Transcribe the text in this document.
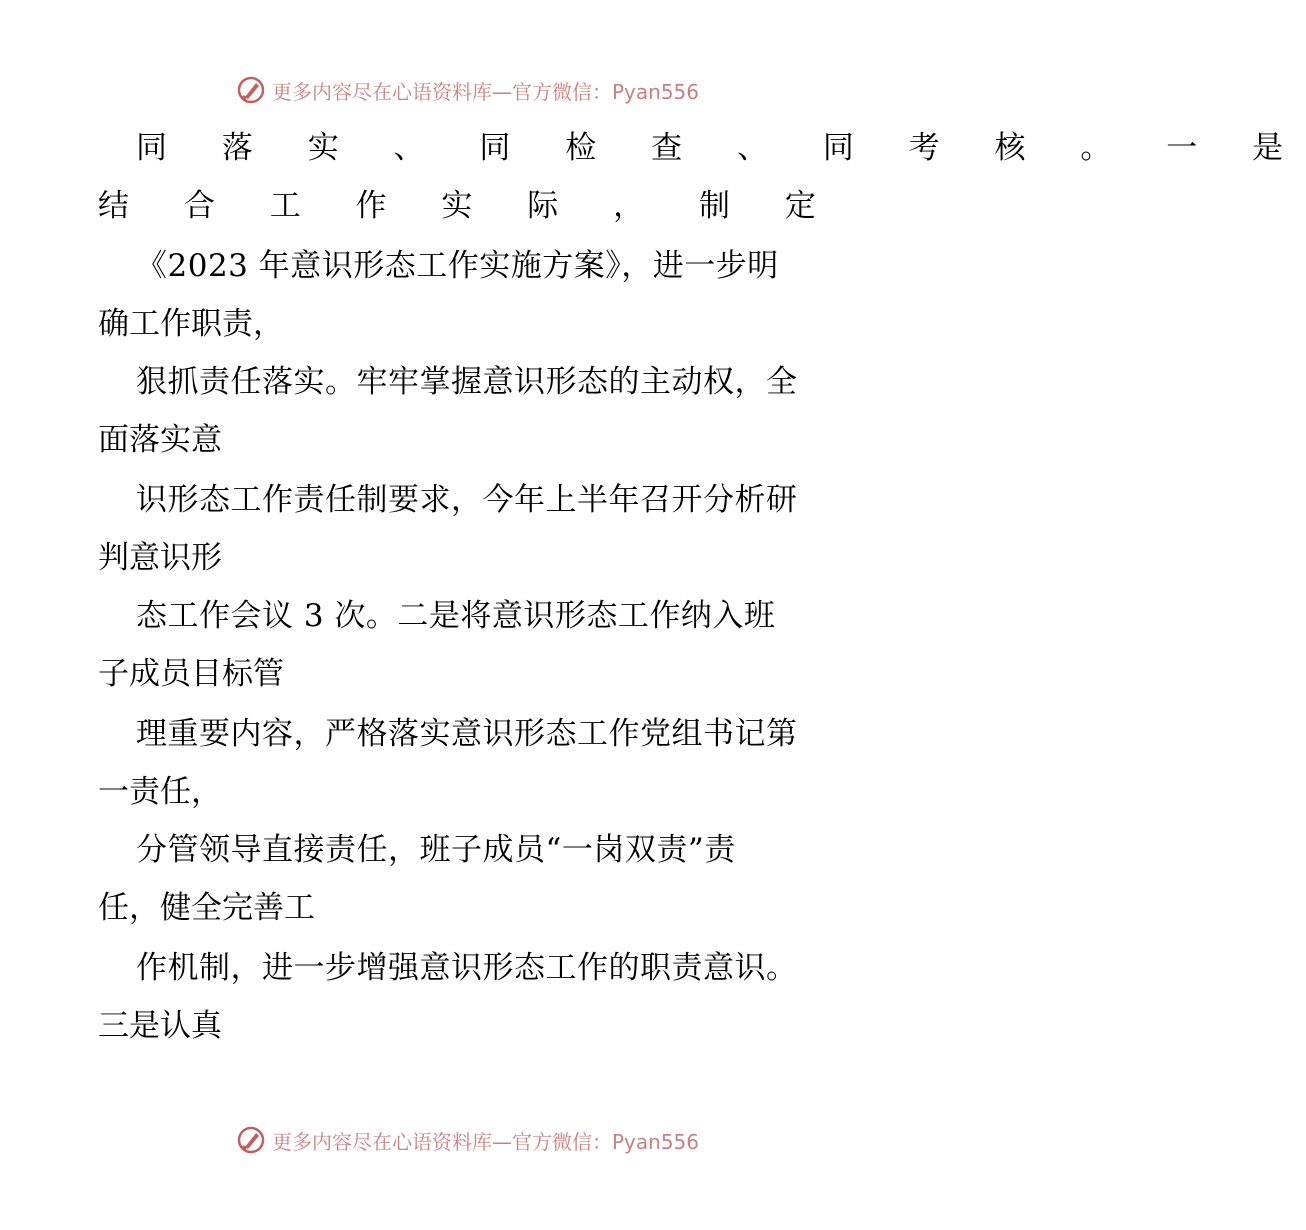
更多内容尽在心语资料库—官方微信：Pyan556
同 落 实 、 同 检 查 、 同 考 核 。 一 是
结 合 工 作 实 际 ， 制 定
《2023 年意识形态工作实施方案》，进一步明
确工作职责，
狠抓责任落实。牢牢掌握意识形态的主动权，全
面落实意
识形态工作责任制要求，今年上半年召开分析研
判意识形
态工作会议 3 次。二是将意识形态工作纳入班
子成员目标管
理重要内容，严格落实意识形态工作党组书记第
一责任，
分管领导直接责任，班子成员“一岗双责”责
任，健全完善工
作机制，进一步增强意识形态工作的职责意识。
三是认真
更多内容尽在心语资料库—官方微信：Pyan556
